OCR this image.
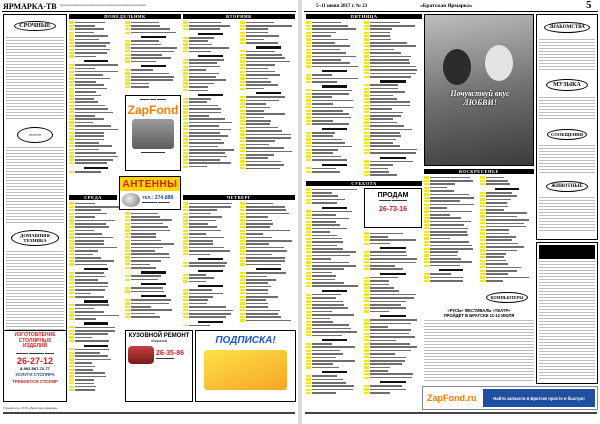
ЯРМАРКА-ТВ	▪▪▪▪▪▪▪▪▪▪▪▪▪▪▪▪▪▪▪▪▪▪▪▪▪▪▪▪▪▪▪▪▪▪▪▪▪▪▪▪▪▪▪▪▪▪▪▪▪▪▪▪▪▪▪▪▪▪▪▪▪▪▪▪▪▪▪▪▪▪▪▪▪▪▪▪▪▪▪▪▪
СРОЧНЫЕ
▭ ▭ ▭
ДОМАШНЯЯ ТЕХНИКА
ПОНЕДЕЛЬНИК	ВТОРНИК
▬▬▬ ▬▬ ▬▬▬
ZapFond
▬▬▬▬▬▬▬▬
АНТЕННЫ
тел.: 274-888
▬▬▬▬▬ ▬▬▬▬
СРЕДА	ЧЕТВЕРГ
ИЗГОТОВЛЕНИЕ СТОЛЯРНЫХ ИЗДЕЛИЙ
▬▬▬▬ ▬▬▬▬▬ ▬▬▬
26-27-12
8-902-567-72-77
УСЛУГИ СТОЛЯРА
ТРЕБУЕТСЯ СТОЛЯР
КУЗОВНОЙ РЕМОНТ
покраска
26-35-86
▬▬▬▬▬▬
ПОДПИСКА!
Учредитель: ООО «Братская ярмарка»
5–11 июня 2017 г. № 23	«Братская Ярмарка»	5
ПЯТНИЦА
Почувствуй вкус ЛЮБВИ!
ЗНАКОМСТВА
МУЗЫКА
СООБЩЕНИЯ
ЖИВОТНЫЕ
СУББОТА
ВОСКРЕСЕНЬЕ
ПРОДАМ
▬▬▬▬ ▬▬▬▬▬
26-73-16
КОМПЬЮТЕРЫ
«РУСЬ» ФЕСТИВАЛЬ «ТЕАТР»
ПРОЙДЁТ В БРАТСКЕ 11-12 ИЮЛЯ
ZapFond.ru	Найти запчасти в Братске просто и быстро!
